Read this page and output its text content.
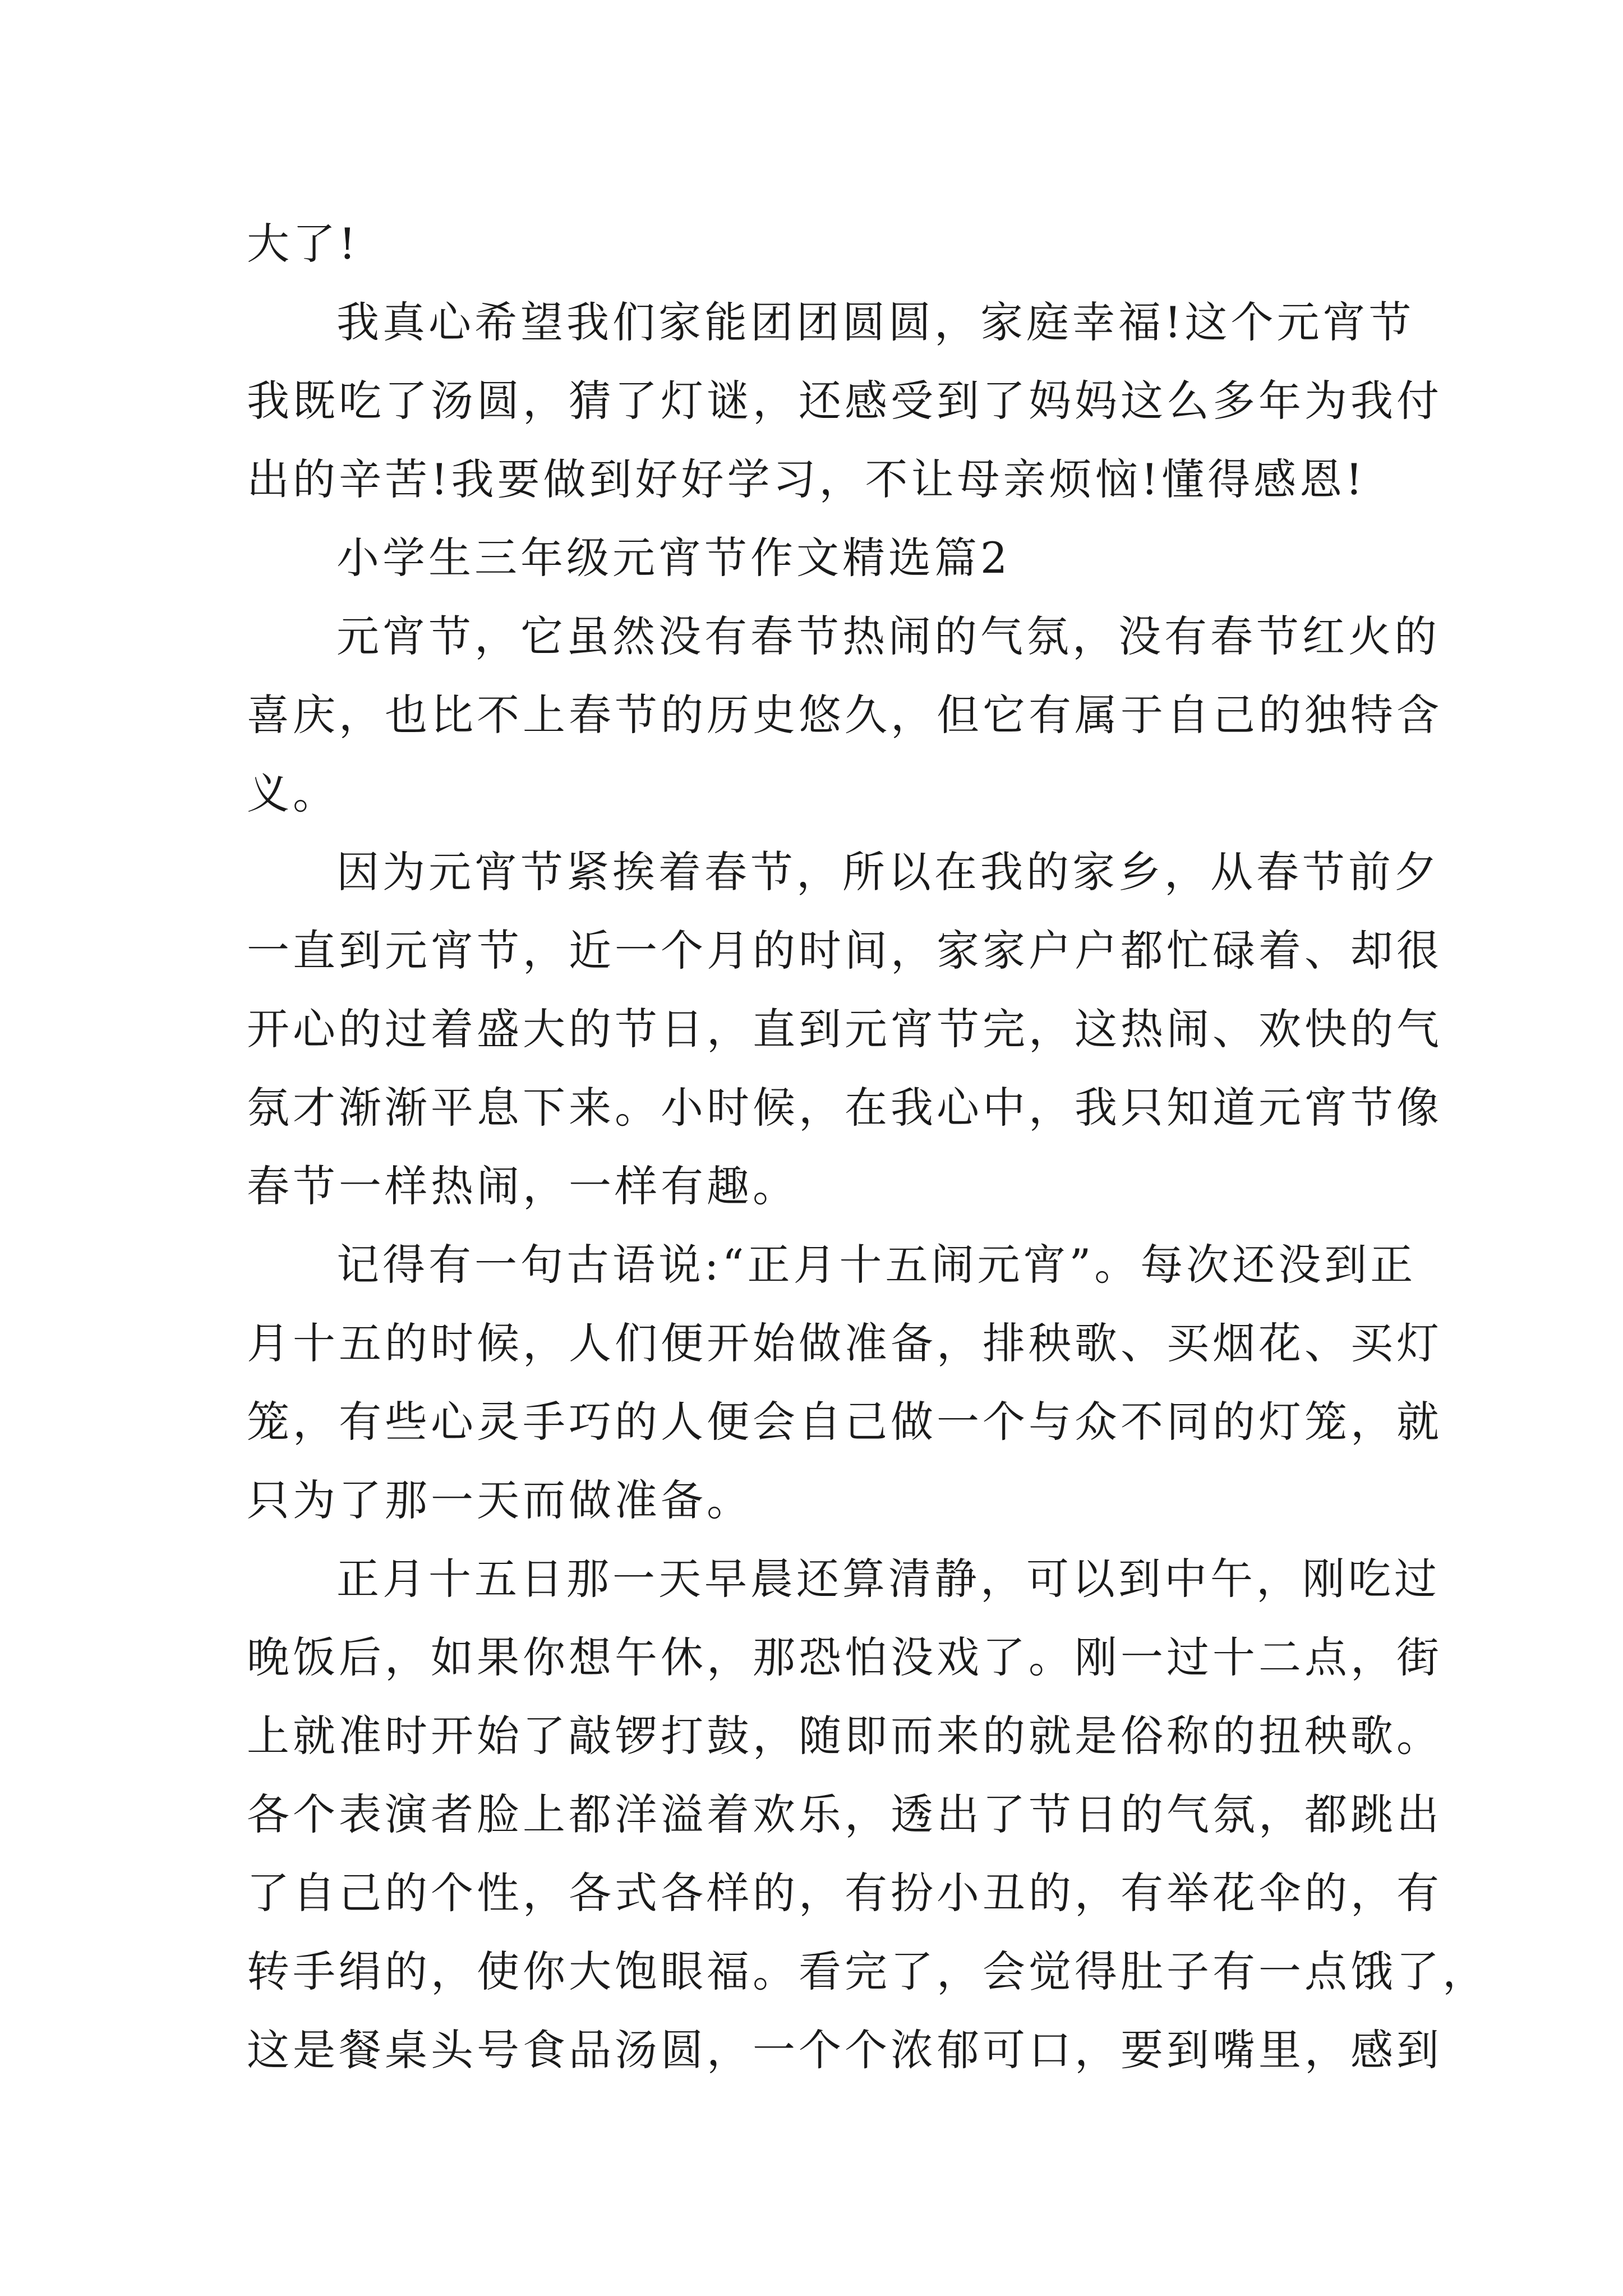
大了!
我真心希望我们家能团团圆圆，家庭幸福!这个元宵节
我既吃了汤圆，猜了灯谜，还感受到了妈妈这么多年为我付
出的辛苦!我要做到好好学习，不让母亲烦恼!懂得感恩!
小学生三年级元宵节作文精选篇2
元宵节，它虽然没有春节热闹的气氛，没有春节红火的
喜庆，也比不上春节的历史悠久，但它有属于自己的独特含
义。
因为元宵节紧挨着春节，所以在我的家乡，从春节前夕
一直到元宵节，近一个月的时间，家家户户都忙碌着、却很
开心的过着盛大的节日，直到元宵节完，这热闹、欢快的气
氛才渐渐平息下来。小时候，在我心中，我只知道元宵节像
春节一样热闹，一样有趣。
记得有一句古语说:“正月十五闹元宵”。每次还没到正
月十五的时候，人们便开始做准备，排秧歌、买烟花、买灯
笼，有些心灵手巧的人便会自己做一个与众不同的灯笼，就
只为了那一天而做准备。
正月十五日那一天早晨还算清静，可以到中午，刚吃过
晚饭后，如果你想午休，那恐怕没戏了。刚一过十二点，街
上就准时开始了敲锣打鼓，随即而来的就是俗称的扭秧歌。
各个表演者脸上都洋溢着欢乐，透出了节日的气氛，都跳出
了自己的个性，各式各样的，有扮小丑的，有举花伞的，有
转手绢的，使你大饱眼福。看完了，会觉得肚子有一点饿了，
这是餐桌头号食品汤圆，一个个浓郁可口，要到嘴里，感到
